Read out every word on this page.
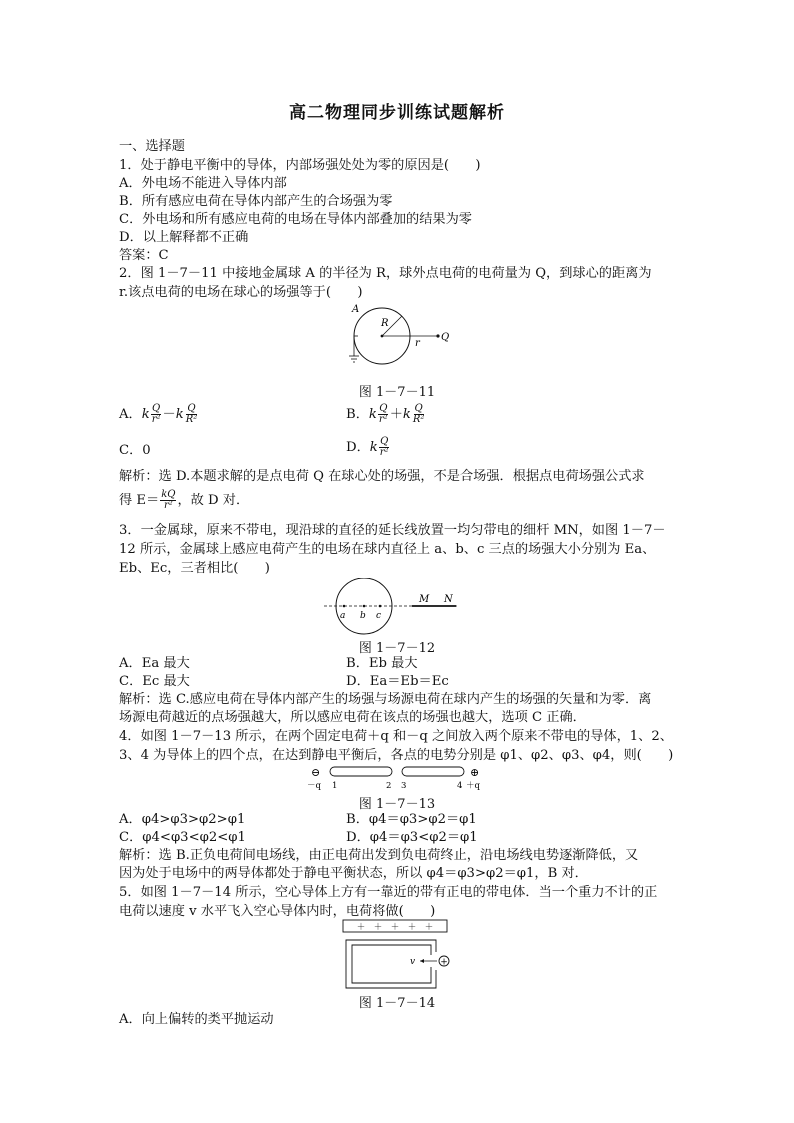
高二物理同步训练试题解析
一、选择题
1．处于静电平衡中的导体，内部场强处处为零的原因是(　　)
A．外电场不能进入导体内部
B．所有感应电荷在导体内部产生的合场强为零
C．外电场和所有感应电荷的电场在导体内部叠加的结果为零
D．以上解释都不正确
答案：C
2．图 1－7－11 中接地金属球 A 的半径为 R，球外点电荷的电荷量为 Q，到球心的距离为
r.该点电荷的电场在球心的场强等于(　　)
A
R
r
Q
图 1－7－11
A．k $\frac{Q}{\text{r²}} -k \frac{Q}{\text{R²}}$	B．k $\frac{Q}{\text{r²}} +k \frac{Q}{\text{R²}}$
C．0	D．k $\frac{Q}{\text{r²}}$
解析：选 D.本题求解的是点电荷 Q 在球心处的场强，不是合场强．根据点电荷场强公式求
得 $E= \frac{kQ}{\text{r²}}$ ，故 D 对．
3．一金属球，原来不带电，现沿球的直径的延长线放置一均匀带电的细杆 MN，如图 1－7－
12 所示，金属球上感应电荷产生的电场在球内直径上 a、b、c 三点的场强大小分别为 Ea、
Eb、Ec，三者相比(　　)
a b c
M N
图 1－7－12
A．Ea 最大	B．Eb 最大
C．Ec 最大	D．Ea＝Eb＝Ec
解析：选 C.感应电荷在导体内部产生的场强与场源电荷在球内产生的场强的矢量和为零．离
场源电荷越近的点场强越大，所以感应电荷在该点的场强也越大，选项 C 正确．
4．如图 1－7－13 所示，在两个固定电荷＋q 和－q 之间放入两个原来不带电的导体，1、2、
3、4 为导体上的四个点，在达到静电平衡后，各点的电势分别是 φ1、φ2、φ3、φ4，则(　　)
⊖	⊕
－q 1	2 3	4 ＋q
图 1－7－13
A．φ4>φ3>φ2>φ1	B．φ4＝φ3>φ2＝φ1
C．φ4<φ3<φ2<φ1	D．φ4＝φ3<φ2＝φ1
解析：选 B.正负电荷间电场线，由正电荷出发到负电荷终止，沿电场线电势逐渐降低，又
因为处于电场中的两导体都处于静电平衡状态，所以 φ4＝φ3>φ2＝φ1，B 对．
5．如图 1－7－14 所示，空心导体上方有一靠近的带有正电的带电体．当一个重力不计的正
电荷以速度 v 水平飞入空心导体内时，电荷将做(　　)
＋　＋　＋　＋　＋
+
v
图 1－7－14
A．向上偏转的类平抛运动
